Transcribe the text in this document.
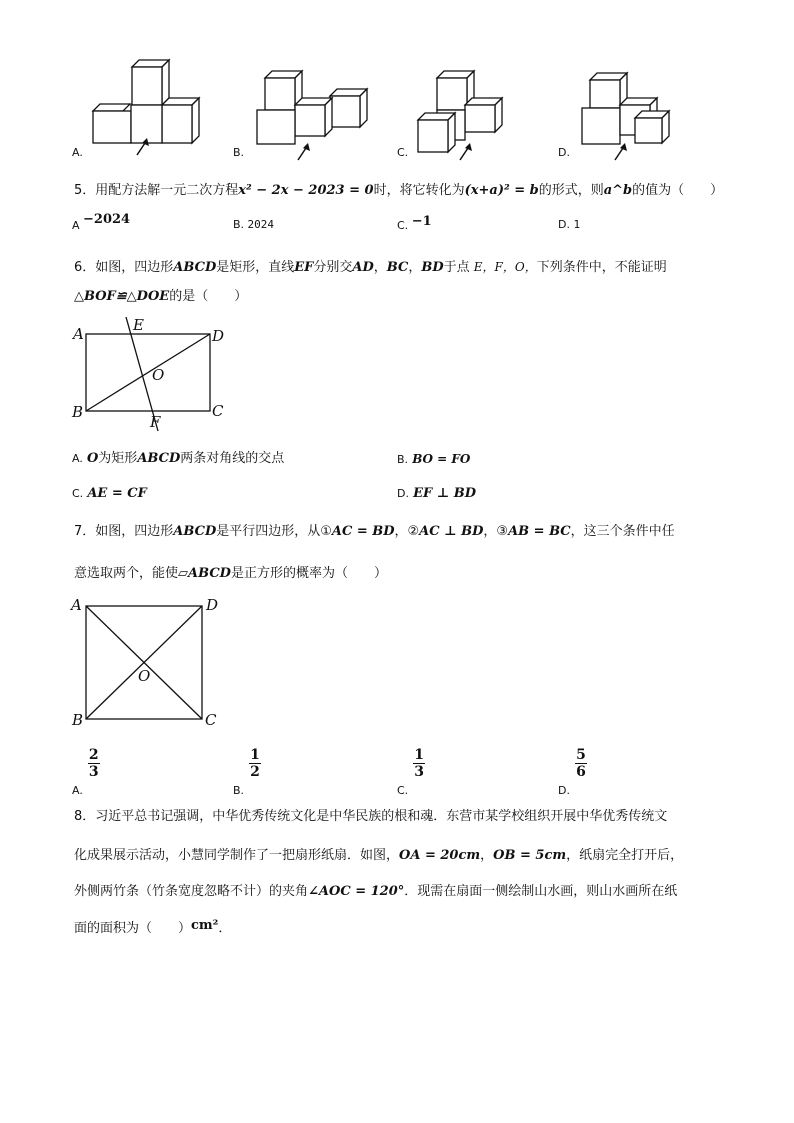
A.	B.	C.	D.
5．用配方法解一元二次方程x² − 2x − 2023 = 0时，将它转化为(x+a)² = b的形式，则a^b的值为（　　）
A −2024	B. 2024	C. −1	D. 1
6．如图，四边形ABCD是矩形，直线EF分别交AD，BC，BD于点 E，F，O，下列条件中，不能证明
△BOF≌△DOE的是（　　）
A	E
D
O
B
F
C
A. O为矩形ABCD两条对角线的交点	B. BO = FO
C. AE = CF	D. EF ⊥ BD
7．如图，四边形ABCD是平行四边形，从①AC = BD，②AC ⊥ BD，③AB = BC，这三个条件中任
意选取两个，能使▱ABCD是正方形的概率为（　　）
A	D
O
B	C
$_{A.}$
$\frac{2}{3}$
$_{B.}$
$\frac{1}{2}$
$_{C.}$
$\frac{1}{3}$
$_{D.}$
$\frac{5}{6}$
8．习近平总书记强调，中华优秀传统文化是中华民族的根和魂．东营市某学校组织开展中华优秀传统文
化成果展示活动，小慧同学制作了一把扇形纸扇．如图，OA = 20cm，OB = 5cm，纸扇完全打开后，
外侧两竹条（竹条宽度忽略不计）的夹角∠AOC = 120°．现需在扇面一侧绘制山水画，则山水画所在纸
面的面积为（　　）cm²．
